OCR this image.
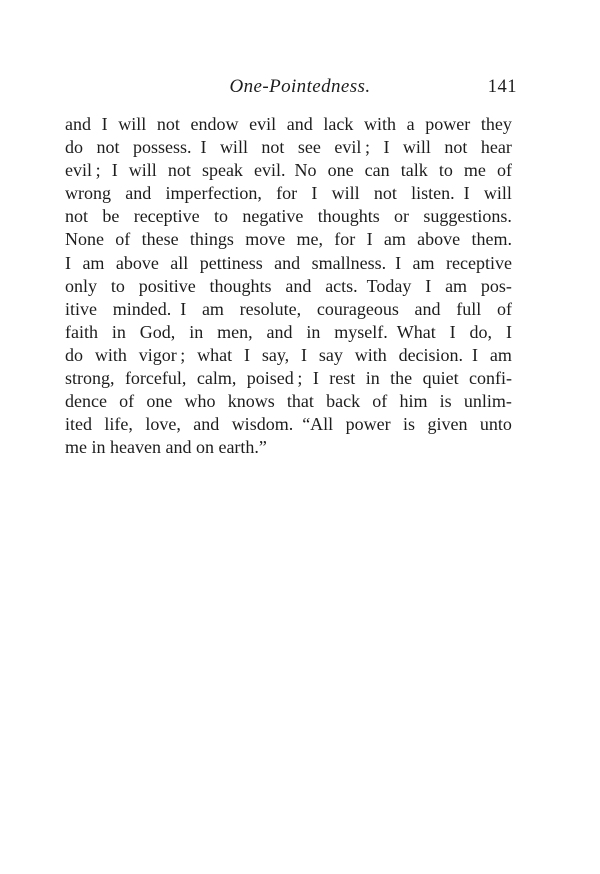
One-Pointedness.	141
and I will not endow evil and lack with a power they
do not possess. I will not see evil ; I will not hear
evil ; I will not speak evil. No one can talk to me of
wrong and imperfection, for I will not listen. I will
not be receptive to negative thoughts or suggestions.
None of these things move me, for I am above them.
I am above all pettiness and smallness. I am receptive
only to positive thoughts and acts. Today I am pos-
itive minded. I am resolute, courageous and full of
faith in God, in men, and in myself. What I do, I
do with vigor ; what I say, I say with decision. I am
strong, forceful, calm, poised ; I rest in the quiet confi-
dence of one who knows that back of him is unlim-
ited life, love, and wisdom. “All power is given unto
me in heaven and on earth.”
